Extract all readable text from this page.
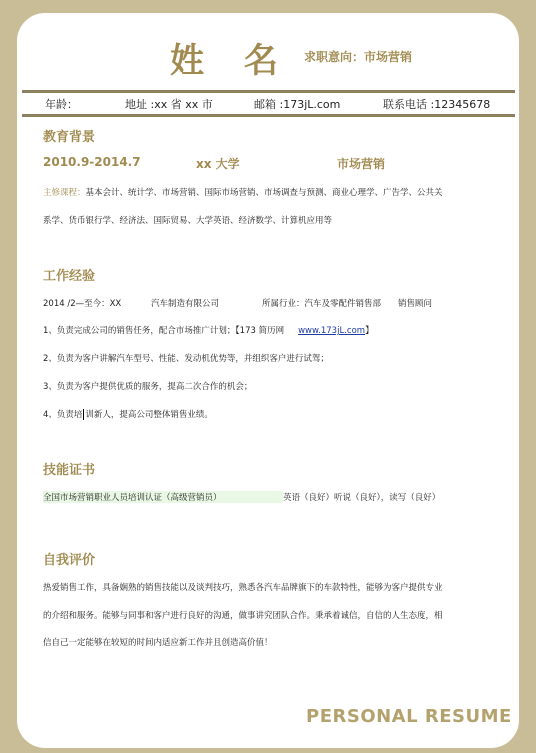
姓 名 求职意向：市场营销
年龄：	地址 :xx 省 xx 市	邮箱 :173jL.com	联系电话 :12345678
教育背景
2010.9-2014.7	xx 大学	市场营销
主修课程：基本会计、统计学、市场营销、国际市场营销、市场调查与预测、商业心理学、广告学、公共关
系学、货币银行学、经济法、国际贸易、大学英语、经济数学、计算机应用等
工作经验
2014 /2—至今：XX	汽车制造有限公司	所属行业：汽车及零配件销售部 销售顾问
1、负责完成公司的销售任务，配合市场推广计划；【173 简历网 www.173jL.com】
2、负责为客户讲解汽车型号、性能、发动机优势等，并组织客户进行试驾；
3、负责为客户提供优质的服务，提高二次合作的机会；
4、负责培 训新人，提高公司整体销售业绩。
技能证书
全国市场营销职业人员培训认证（高级营销员）	英语（良好）听说（良好），读写（良好）
自我评价
热爱销售工作，具备娴熟的销售技能以及谈判技巧，熟悉各汽车品牌旗下的车款特性，能够为客户提供专业
的介绍和服务。能够与同事和客户进行良好的沟通，做事讲究团队合作。秉承着诚信，自信的人生态度，相
信自己一定能够在较短的时间内适应新工作并且创造高价值！
PERSONAL RESUME
